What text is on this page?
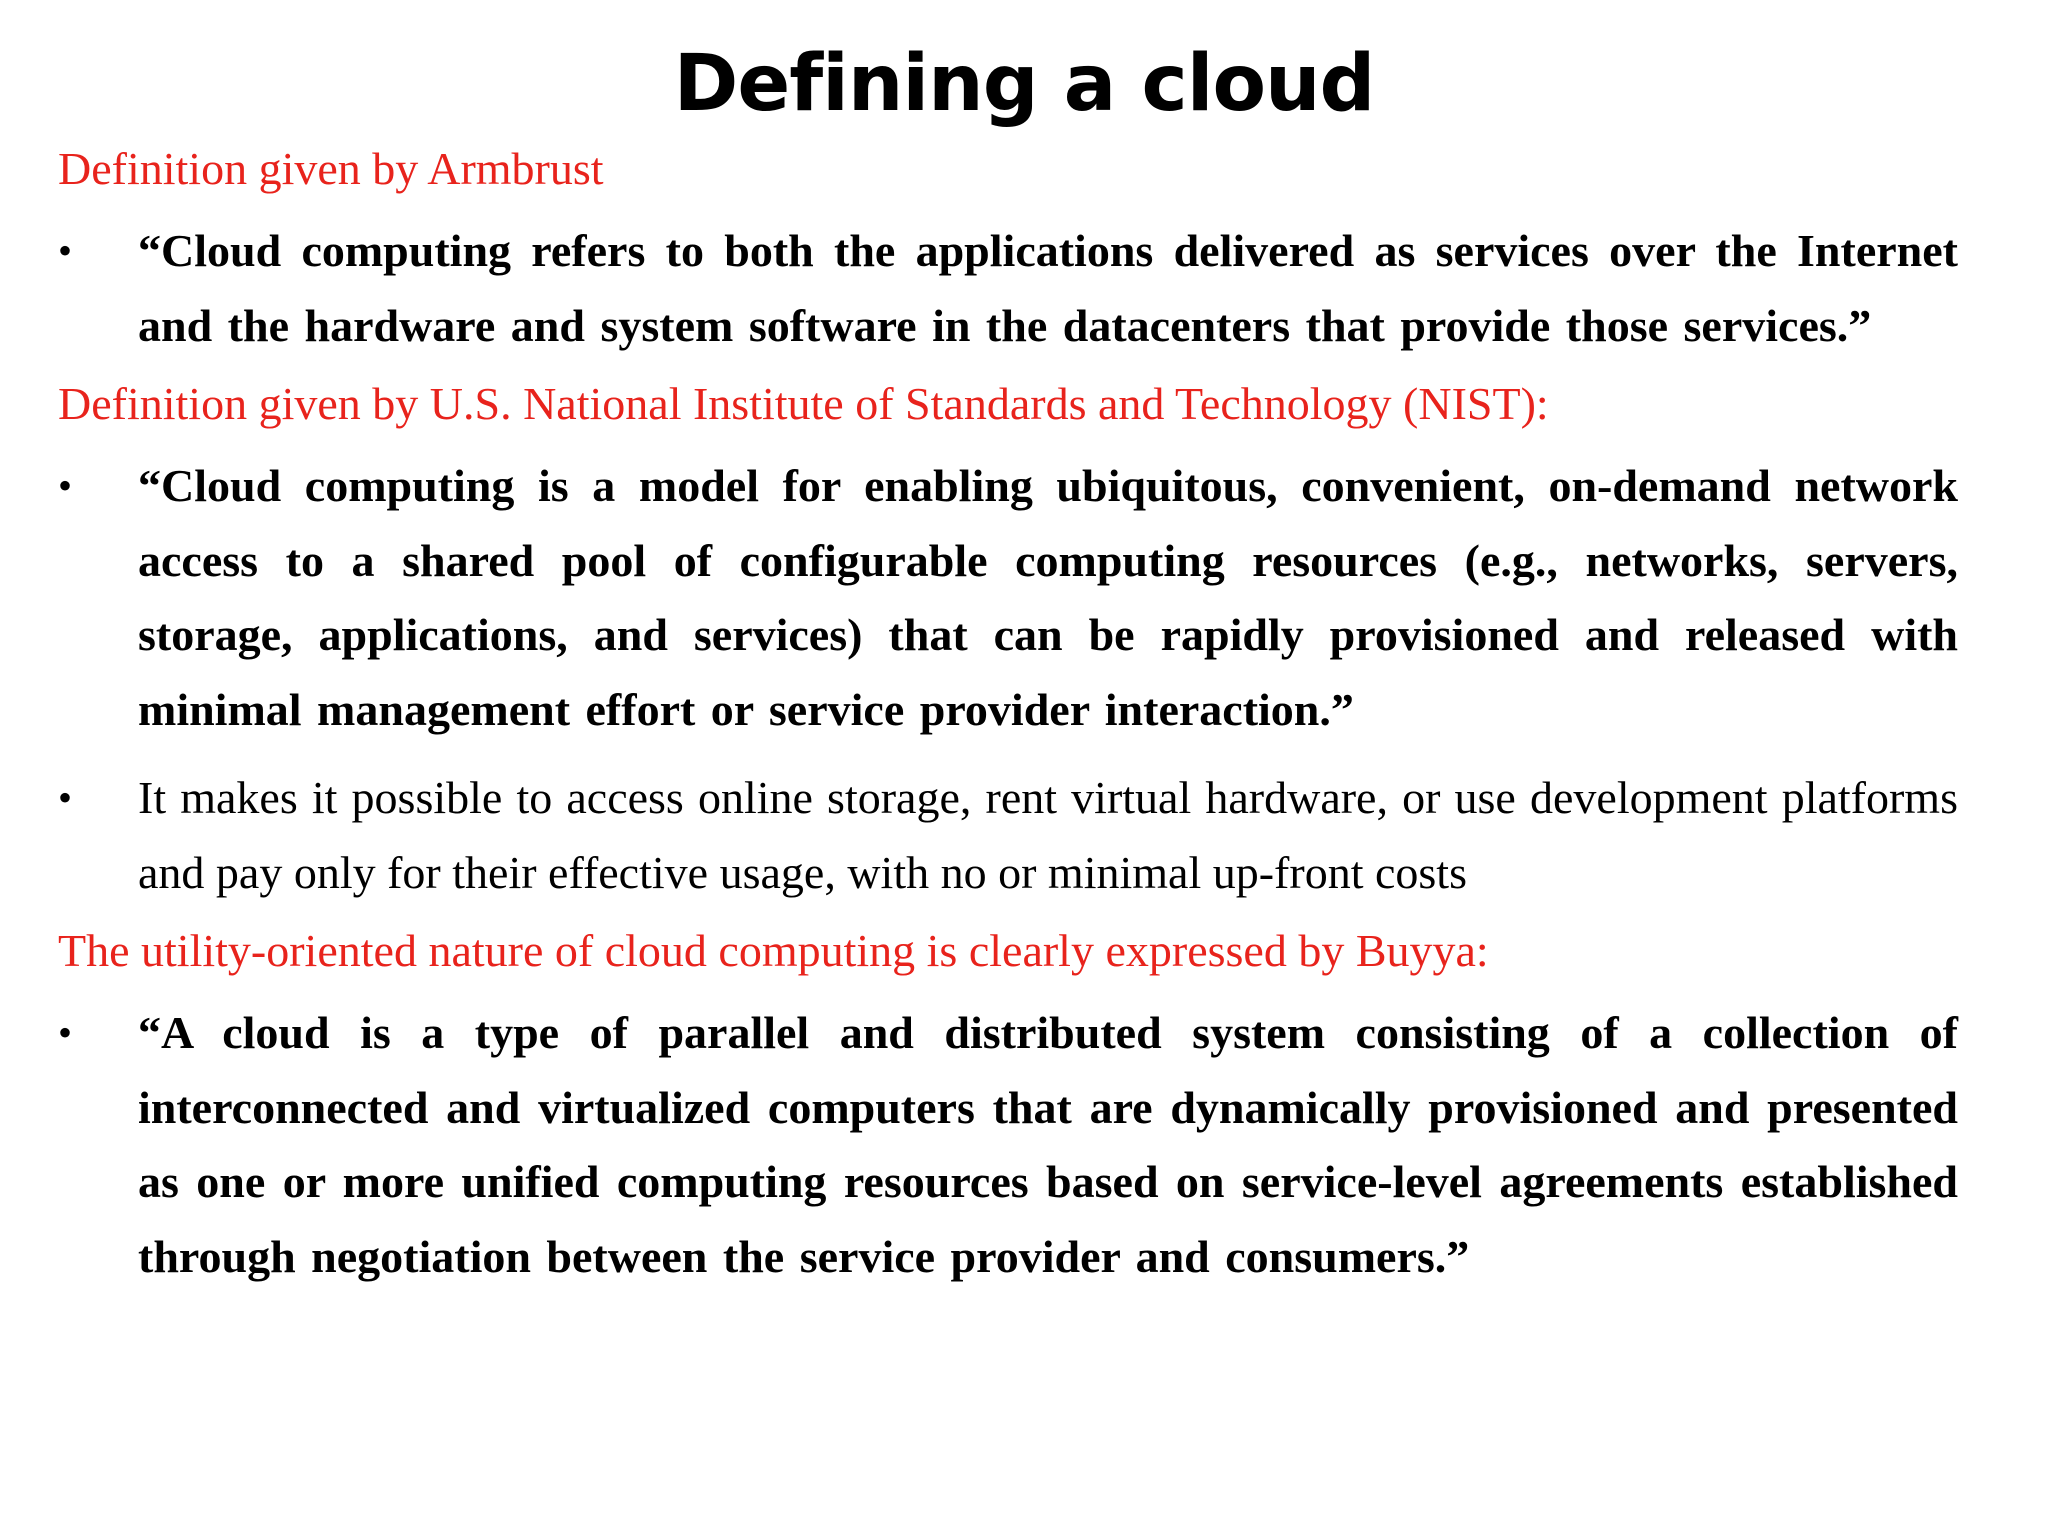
Defining a cloud

Definition given by Armbrust

•	“Cloud computing refers to both the applications delivered as services over the Internet and the hardware and system software in the datacenters that provide those services.”

Definition given by U.S. National Institute of Standards and Technology (NIST):

•	“Cloud computing is a model for enabling ubiquitous, convenient, on-demand network access to a shared pool of configurable computing resources (e.g., networks, servers, storage, applications, and services) that can be rapidly provisioned and released with minimal management effort or service provider interaction.”
•	It makes it possible to access online storage, rent virtual hardware, or use development platforms and pay only for their effective usage, with no or minimal up-front costs

The utility-oriented nature of cloud computing is clearly expressed by Buyya:

•	“A cloud is a type of parallel and distributed system consisting of a collection of interconnected and virtualized computers that are dynamically provisioned and presented as one or more unified computing resources based on service-level agreements established through negotiation between the service provider and consumers.”
